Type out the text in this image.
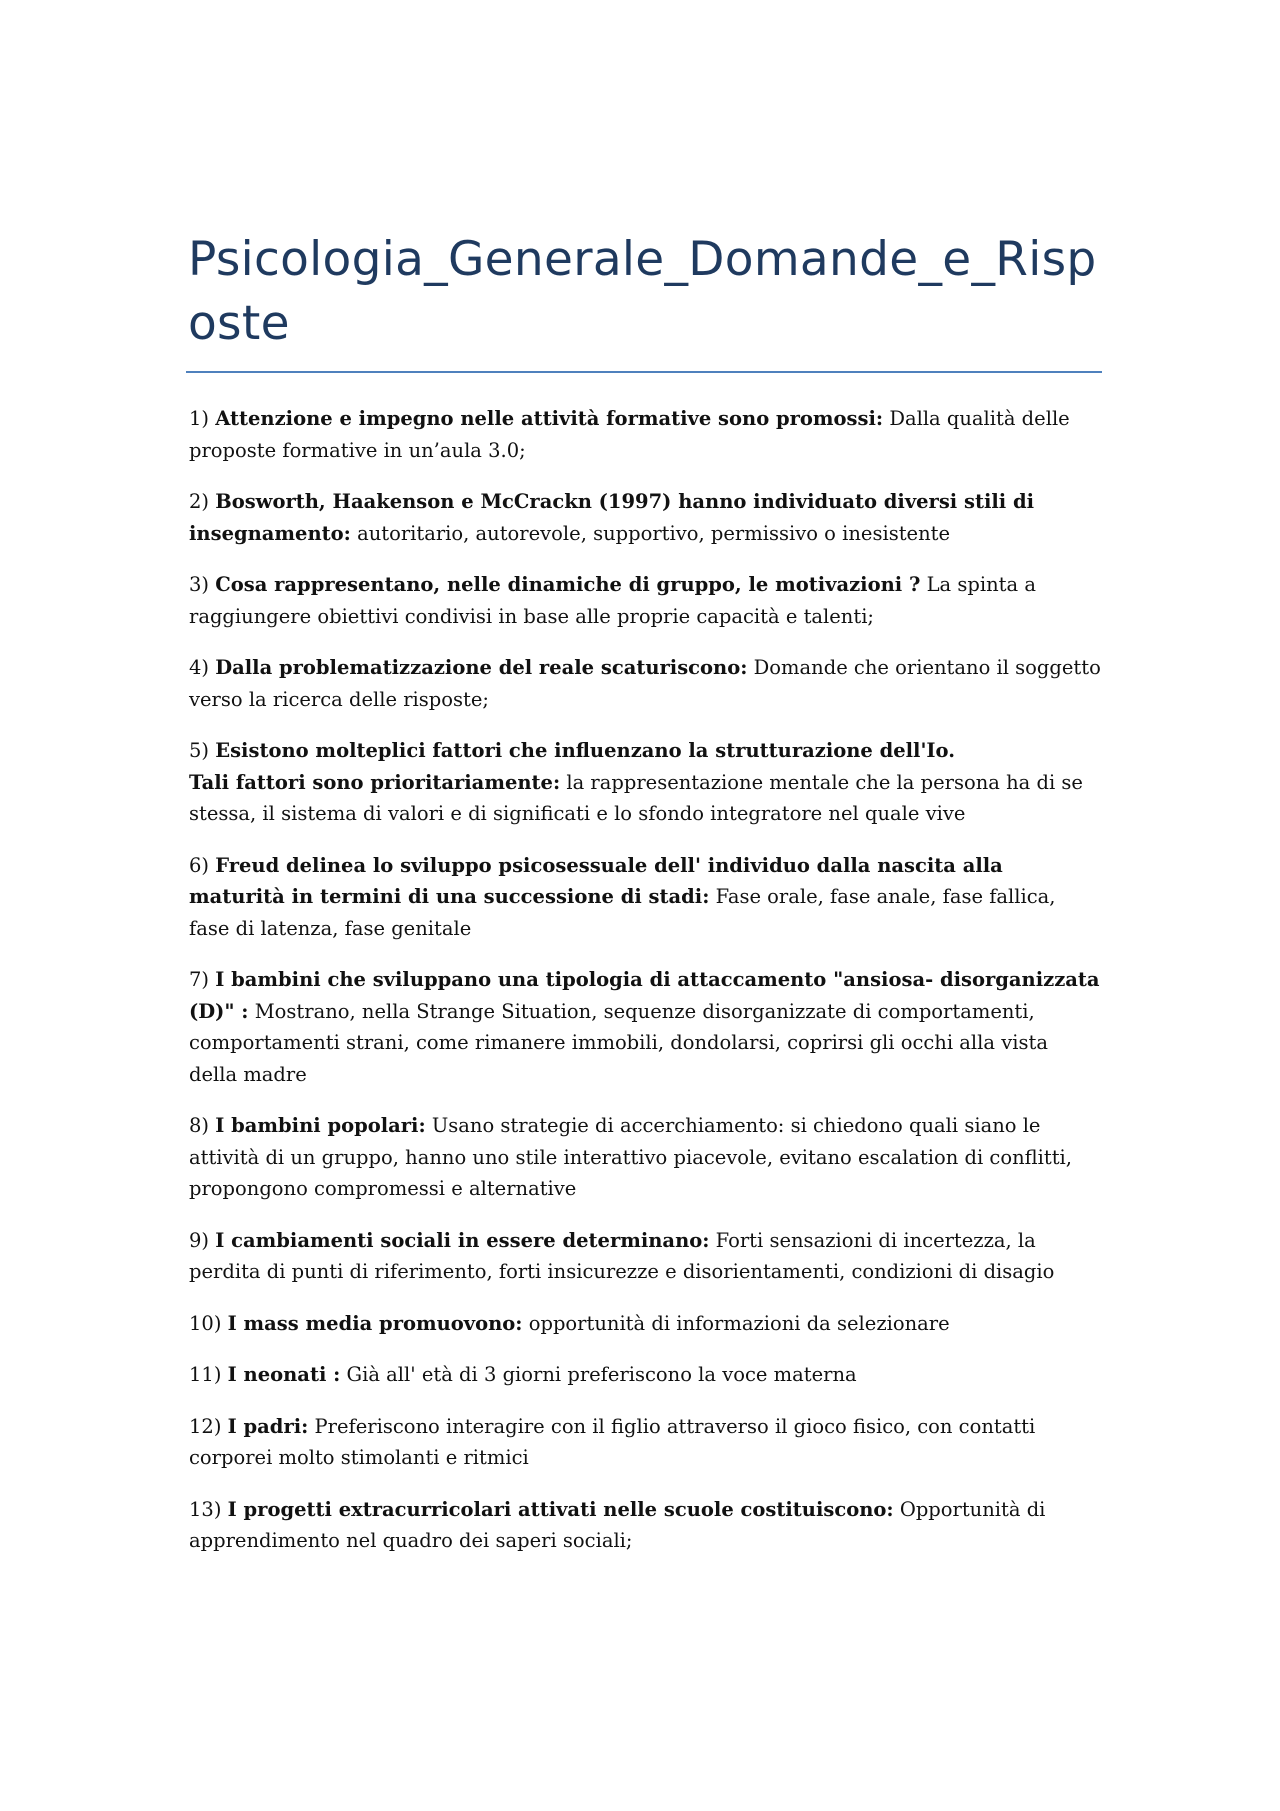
Psicologia_Generale_Domande_e_Risposte
1) Attenzione e impegno nelle attività formative sono promossi: Dalla qualità delle proposte formative in un’aula 3.0;
2) Bosworth, Haakenson e McCrackn (1997) hanno individuato diversi stili di insegnamento: autoritario, autorevole, supportivo, permissivo o inesistente
3) Cosa rappresentano, nelle dinamiche di gruppo, le motivazioni ? La spinta a raggiungere obiettivi condivisi in base alle proprie capacità e talenti;
4) Dalla problematizzazione del reale scaturiscono: Domande che orientano il soggetto verso la ricerca delle risposte;
5) Esistono molteplici fattori che influenzano la strutturazione dell'Io.
Tali fattori sono prioritariamente: la rappresentazione mentale che la persona ha di se stessa, il sistema di valori e di significati e lo sfondo integratore nel quale vive
6) Freud delinea lo sviluppo psicosessuale dell' individuo dalla nascita alla maturità in termini di una successione di stadi: Fase orale, fase anale, fase fallica, fase di latenza, fase genitale
7) I bambini che sviluppano una tipologia di attaccamento "ansiosa- disorganizzata (D)" : Mostrano, nella Strange Situation, sequenze disorganizzate di comportamenti, comportamenti strani, come rimanere immobili, dondolarsi, coprirsi gli occhi alla vista della madre
8) I bambini popolari: Usano strategie di accerchiamento: si chiedono quali siano le attività di un gruppo, hanno uno stile interattivo piacevole, evitano escalation di conflitti, propongono compromessi e alternative
9) I cambiamenti sociali in essere determinano: Forti sensazioni di incertezza, la perdita di punti di riferimento, forti insicurezze e disorientamenti, condizioni di disagio
10) I mass media promuovono: opportunità di informazioni da selezionare
11) I neonati : Già all' età di 3 giorni preferiscono la voce materna
12) I padri: Preferiscono interagire con il figlio attraverso il gioco fisico, con contatti corporei molto stimolanti e ritmici
13) I progetti extracurricolari attivati nelle scuole costituiscono: Opportunità di apprendimento nel quadro dei saperi sociali;
